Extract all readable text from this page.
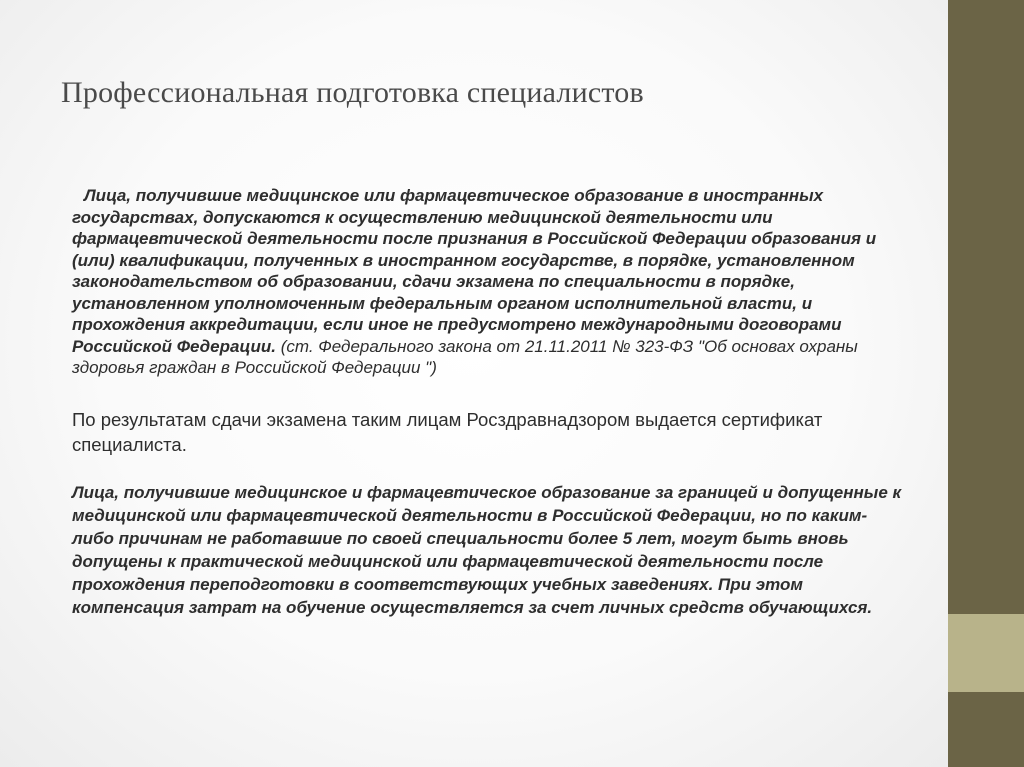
Профессиональная подготовка специалистов

Лица, получившие медицинское или фармацевтическое образование в иностранных государствах, допускаются к осуществлению медицинской деятельности или фармацевтической деятельности после признания в Российской Федерации образования и (или) квалификации, полученных в иностранном государстве, в порядке, установленном законодательством об образовании, сдачи экзамена по специальности в порядке, установленном уполномоченным федеральным органом исполнительной власти, и прохождения аккредитации, если иное не предусмотрено международными договорами Российской Федерации. (ст. Федерального закона от 21.11.2011 № 323-ФЗ "Об основах охраны здоровья граждан в Российской Федерации ")

По результатам сдачи экзамена таким лицам Росздравнадзором выдается сертификат специалиста.

Лица, получившие медицинское и фармацевтическое образование за границей и допущенные к медицинской или фармацевтической деятельности в Российской Федерации, но по каким-либо причинам не работавшие по своей специальности более 5 лет, могут быть вновь допущены к практической медицинской или фармацевтической деятельности после прохождения переподготовки в соответствующих учебных заведениях. При этом компенсация затрат на обучение осуществляется за счет личных средств обучающихся.
